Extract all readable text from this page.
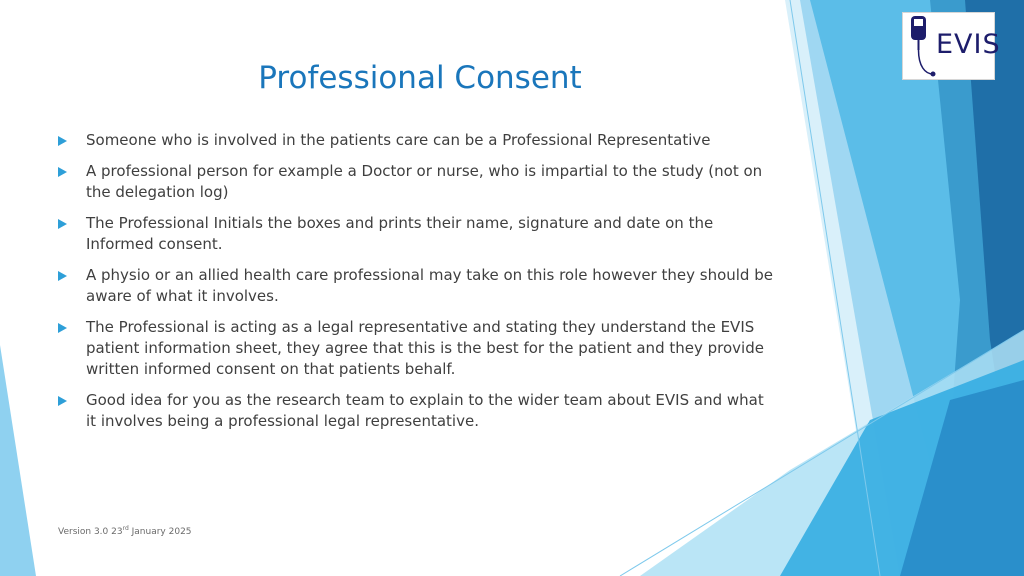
Professional Consent
Someone who is involved in the patients care can be a Professional Representative
A professional person for example a Doctor or nurse, who is impartial to the study (not on the delegation log)
The Professional Initials the boxes and prints their name, signature and date on the Informed consent.
A physio or an allied health care professional may take on this role however they should be aware of what it involves.
The Professional is acting as a legal representative and stating they understand the EVIS patient information sheet, they agree that this is the best for the patient and they provide written informed consent on that patients behalf.
Good idea for you as the research team to explain to the wider team about EVIS and what it involves being a professional legal representative.
Version 3.0 23rd January 2025
EVIS
